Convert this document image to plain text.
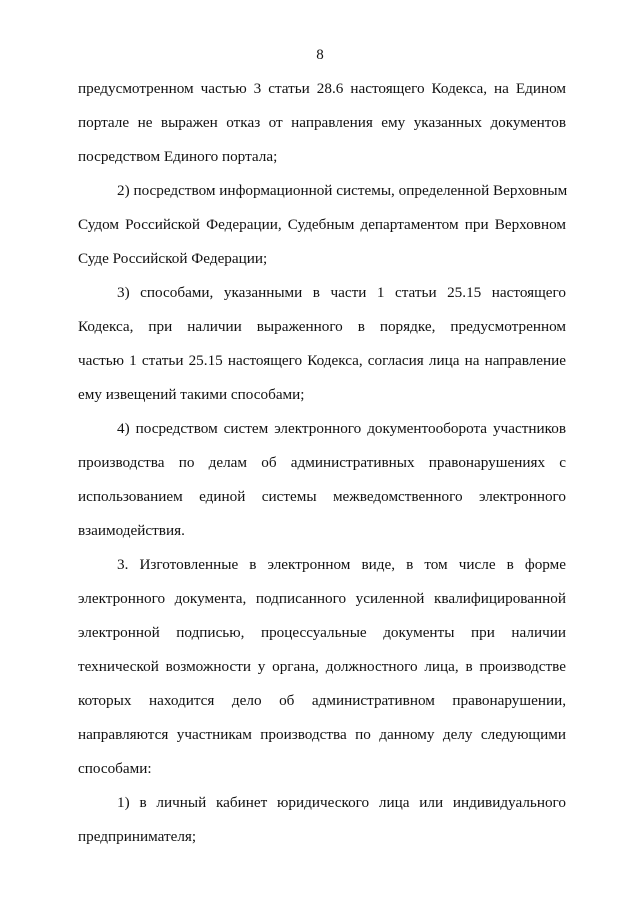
8
предусмотренном частью 3 статьи 28.6 настоящего Кодекса, на Едином
портале не выражен отказ от направления ему указанных документов
посредством Единого портала;
2) посредством информационной системы, определенной Верховным
Судом Российской Федерации, Судебным департаментом при Верховном
Суде Российской Федерации;
3) способами, указанными в части 1 статьи 25.15 настоящего
Кодекса, при наличии выраженного в порядке, предусмотренном
частью 1 статьи 25.15 настоящего Кодекса, согласия лица на направление
ему извещений такими способами;
4) посредством систем электронного документооборота участников
производства по делам об административных правонарушениях с
использованием единой системы межведомственного электронного
взаимодействия.
3. Изготовленные в электронном виде, в том числе в форме
электронного документа, подписанного усиленной квалифицированной
электронной подписью, процессуальные документы при наличии
технической возможности у органа, должностного лица, в производстве
которых находится дело об административном правонарушении,
направляются участникам производства по данному делу следующими
способами:
1) в личный кабинет юридического лица или индивидуального
предпринимателя;
